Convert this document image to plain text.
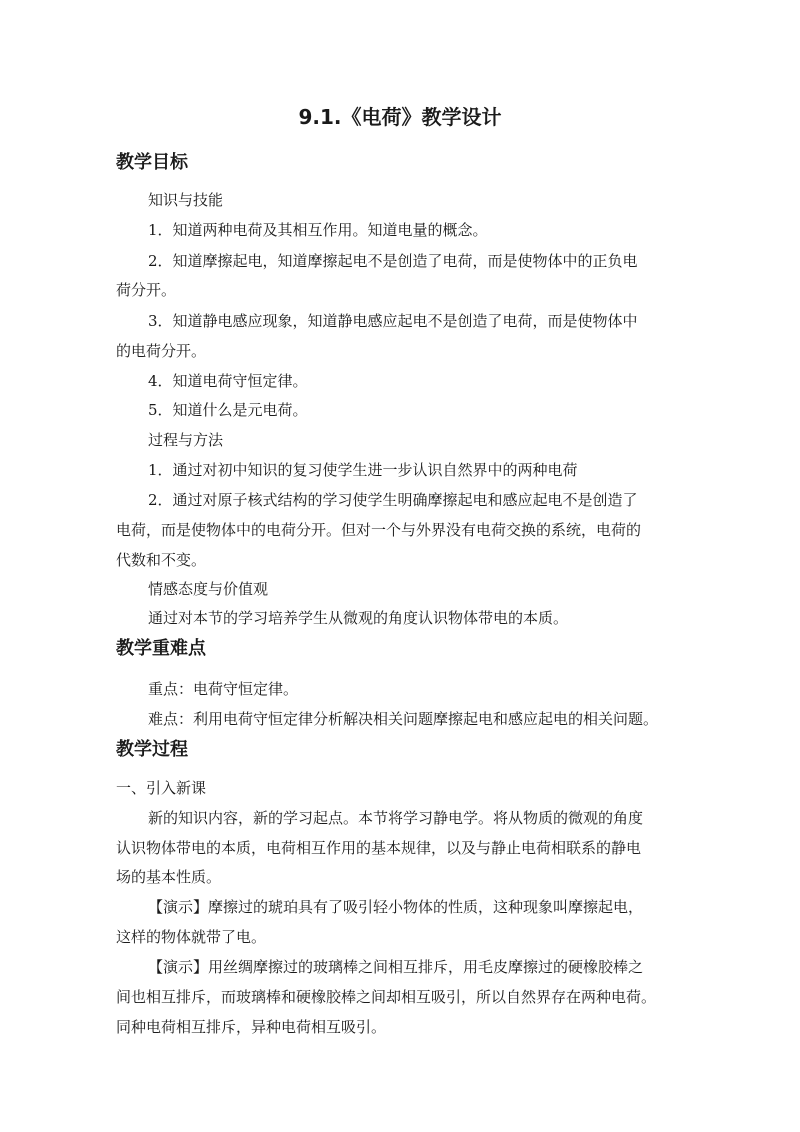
9.1.《电荷》教学设计
教学目标
知识与技能
1．知道两种电荷及其相互作用。知道电量的概念。
2．知道摩擦起电，知道摩擦起电不是创造了电荷，而是使物体中的正负电
荷分开。
3．知道静电感应现象，知道静电感应起电不是创造了电荷，而是使物体中
的电荷分开。
4．知道电荷守恒定律。
5．知道什么是元电荷。
过程与方法
1．通过对初中知识的复习使学生进一步认识自然界中的两种电荷
2．通过对原子核式结构的学习使学生明确摩擦起电和感应起电不是创造了
电荷，而是使物体中的电荷分开。但对一个与外界没有电荷交换的系统，电荷的
代数和不变。
情感态度与价值观
通过对本节的学习培养学生从微观的角度认识物体带电的本质。
教学重难点
重点：电荷守恒定律。
难点：利用电荷守恒定律分析解决相关问题摩擦起电和感应起电的相关问题。
教学过程
一、引入新课
新的知识内容，新的学习起点。本节将学习静电学。将从物质的微观的角度
认识物体带电的本质，电荷相互作用的基本规律，以及与静止电荷相联系的静电
场的基本性质。
【演示】摩擦过的琥珀具有了吸引轻小物体的性质，这种现象叫摩擦起电，
这样的物体就带了电。
【演示】用丝绸摩擦过的玻璃棒之间相互排斥，用毛皮摩擦过的硬橡胶棒之
间也相互排斥，而玻璃棒和硬橡胶棒之间却相互吸引，所以自然界存在两种电荷。
同种电荷相互排斥，异种电荷相互吸引。
